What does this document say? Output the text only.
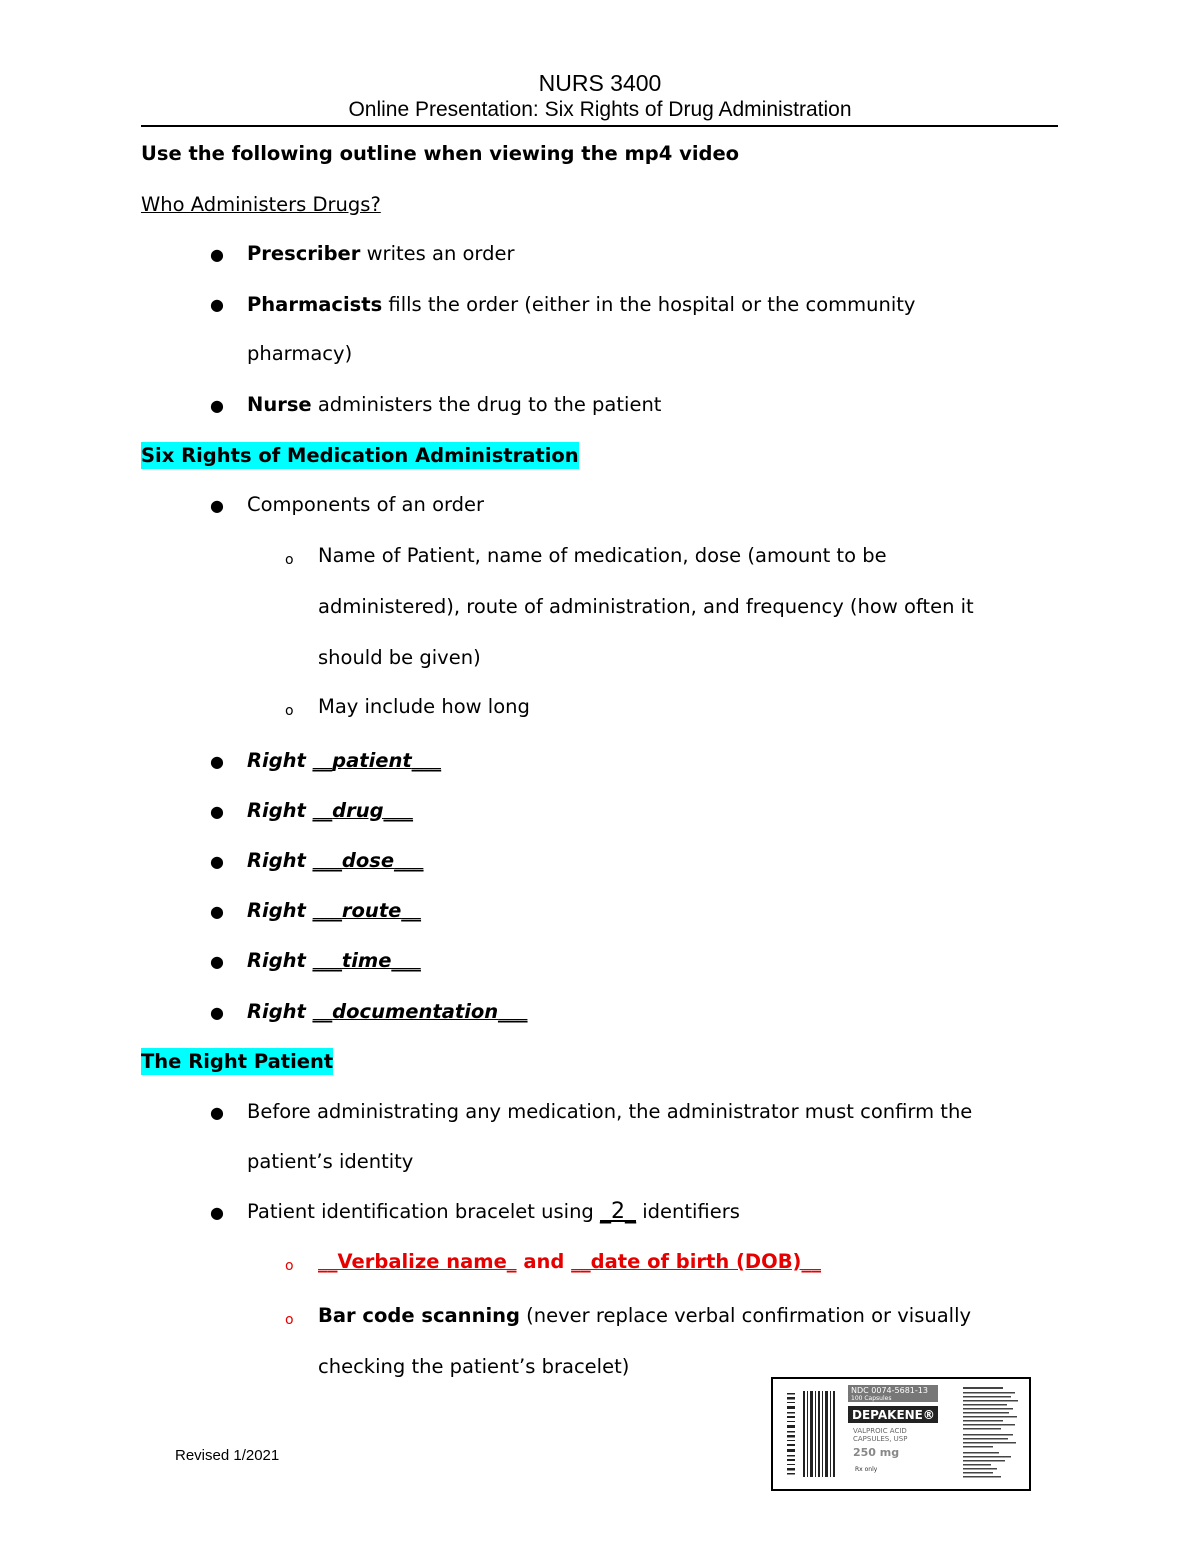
NURS 3400
Online Presentation: Six Rights of Drug Administration
Use the following outline when viewing the mp4 video
Who Administers Drugs?
● Prescriber writes an order
● Pharmacists fills the order (either in the hospital or the community
pharmacy)
● Nurse administers the drug to the patient
Six Rights of Medication Administration
● Components of an order
o Name of Patient, name of medication, dose (amount to be
administered), route of administration, and frequency (how often it
should be given)
o May include how long
● Right __patient___
● Right __drug___
● Right ___dose___
● Right ___route__
● Right ___time___
● Right __documentation___
The Right Patient
● Before administrating any medication, the administrator must confirm the
patient’s identity
● Patient identification bracelet using _2_ identifiers
o __Verbalize name_ and __date of birth (DOB)__
o Bar code scanning (never replace verbal confirmation or visually
checking the patient’s bracelet)
Revised 1/2021
NDC 0074-5681-13
100 Capsules
DEPAKENE®
VALPROIC ACID
CAPSULES, USP
250 mg
Rx only
